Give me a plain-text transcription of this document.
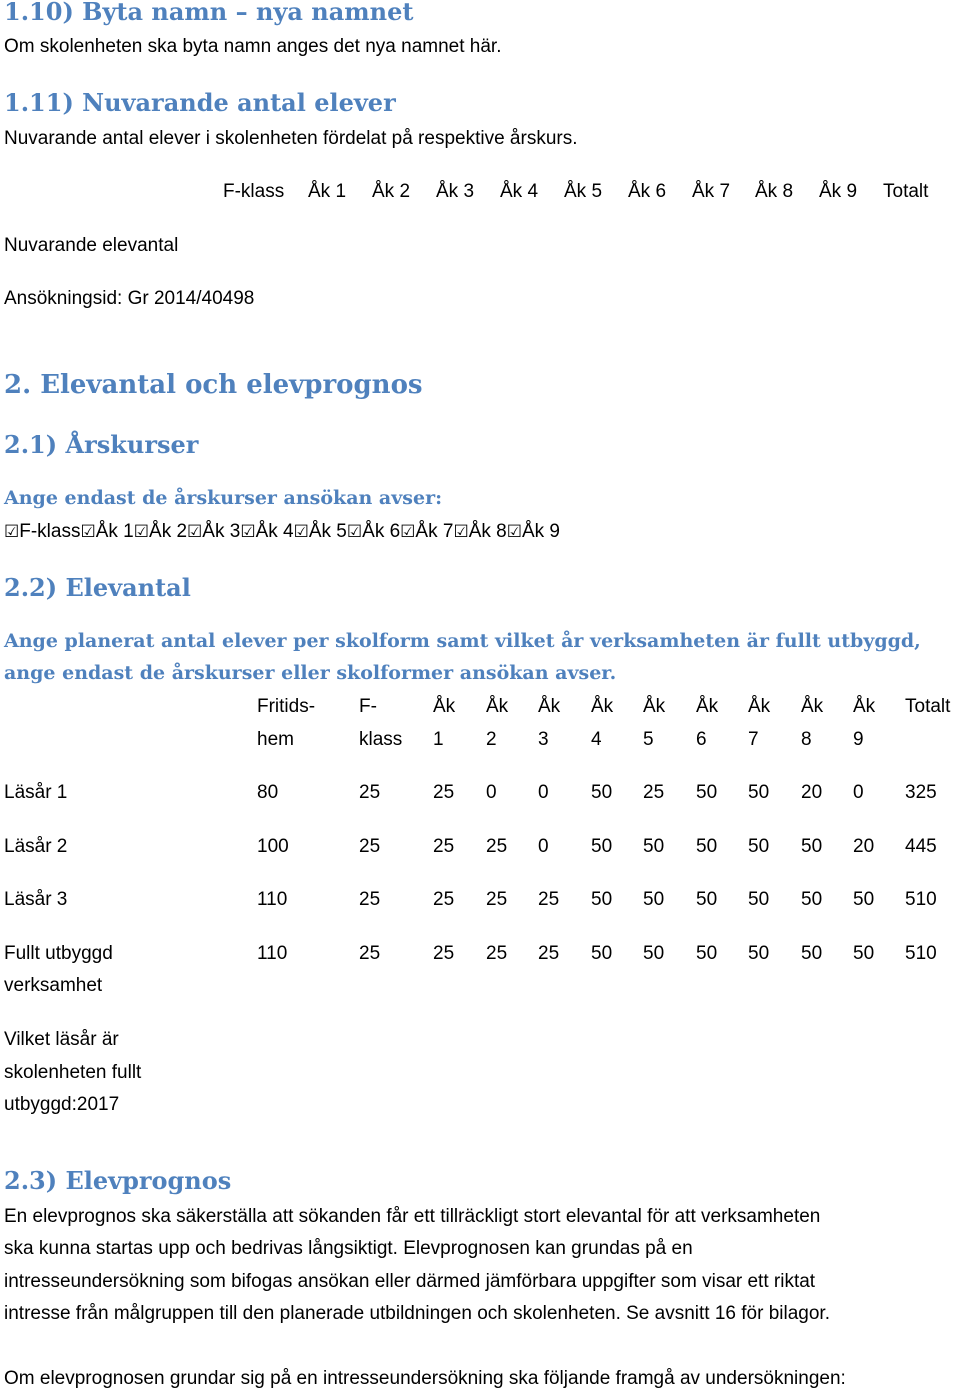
1.10) Byta namn – nya namnet
Om skolenheten ska byta namn anges det nya namnet här.
1.11) Nuvarande antal elever
Nuvarande antal elever i skolenheten fördelat på respektive årskurs.
F-klass Åk 1 Åk 2 Åk 3 Åk 4 Åk 5 Åk 6 Åk 7 Åk 8 Åk 9 Totalt
Nuvarande elevantal
Ansökningsid: Gr 2014/40498
2. Elevantal och elevprognos
2.1) Årskurser
Ange endast de årskurser ansökan avser:
☑F-klass☑Åk 1☑Åk 2☑Åk 3☑Åk 4☑Åk 5☑Åk 6☑Åk 7☑Åk 8☑Åk 9
2.2) Elevantal
Ange planerat antal elever per skolform samt vilket år verksamheten är fullt utbyggd,
ange endast de årskurser eller skolformer ansökan avser.
Fritids- F-	Åk Åk Åk Åk Åk Åk Åk Åk Åk Totalt
hem	klass 1 2 3 4 5 6 7 8 9
Läsår 1	80	25	25 0 0 50 25 50 50 20 0 325
Läsår 2	100	25	25 25 0 50 50 50 50 50 20 445
Läsår 3	110	25	25 25 25 50 50 50 50 50 50 510
Fullt utbyggd
verksamhet
110	25	25 25 25 50 50 50 50 50 50 510
Vilket läsår är
skolenheten fullt
utbyggd:2017
2.3) Elevprognos
En elevprognos ska säkerställa att sökanden får ett tillräckligt stort elevantal för att verksamheten
ska kunna startas upp och bedrivas långsiktigt. Elevprognosen kan grundas på en
intresseundersökning som bifogas ansökan eller därmed jämförbara uppgifter som visar ett riktat
intresse från målgruppen till den planerade utbildningen och skolenheten. Se avsnitt 16 för bilagor.
Om elevprognosen grundar sig på en intresseundersökning ska följande framgå av undersökningen:
